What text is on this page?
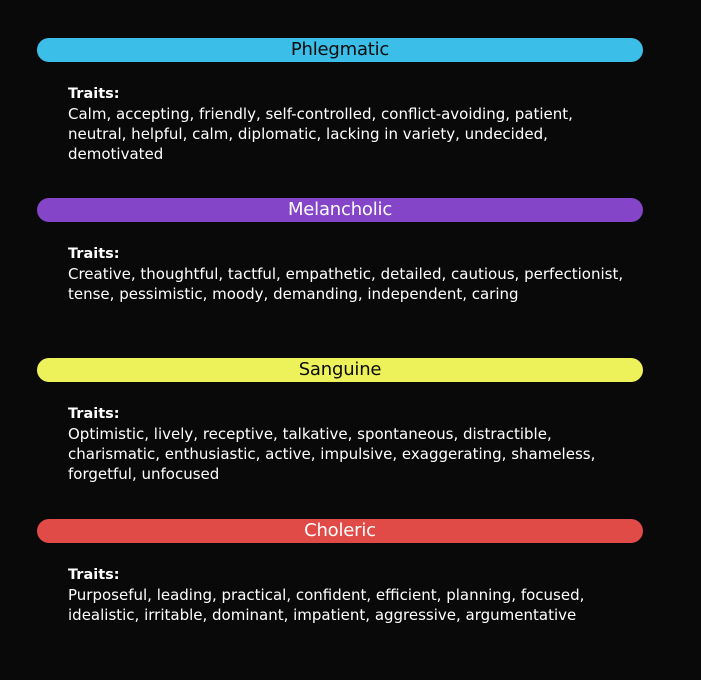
Phlegmatic
Traits:
Calm, accepting, friendly, self-controlled, conflict-avoiding, patient, neutral, helpful, calm, diplomatic, lacking in variety, undecided, demotivated
Melancholic
Traits:
Creative, thoughtful, tactful, empathetic, detailed, cautious, perfectionist, tense, pessimistic, moody, demanding, independent, caring
Sanguine
Traits:
Optimistic, lively, receptive, talkative, spontaneous, distractible, charismatic, enthusiastic, active, impulsive, exaggerating, shameless, forgetful, unfocused
Choleric
Traits:
Purposeful, leading, practical, confident, efficient, planning, focused, idealistic, irritable, dominant, impatient, aggressive, argumentative
